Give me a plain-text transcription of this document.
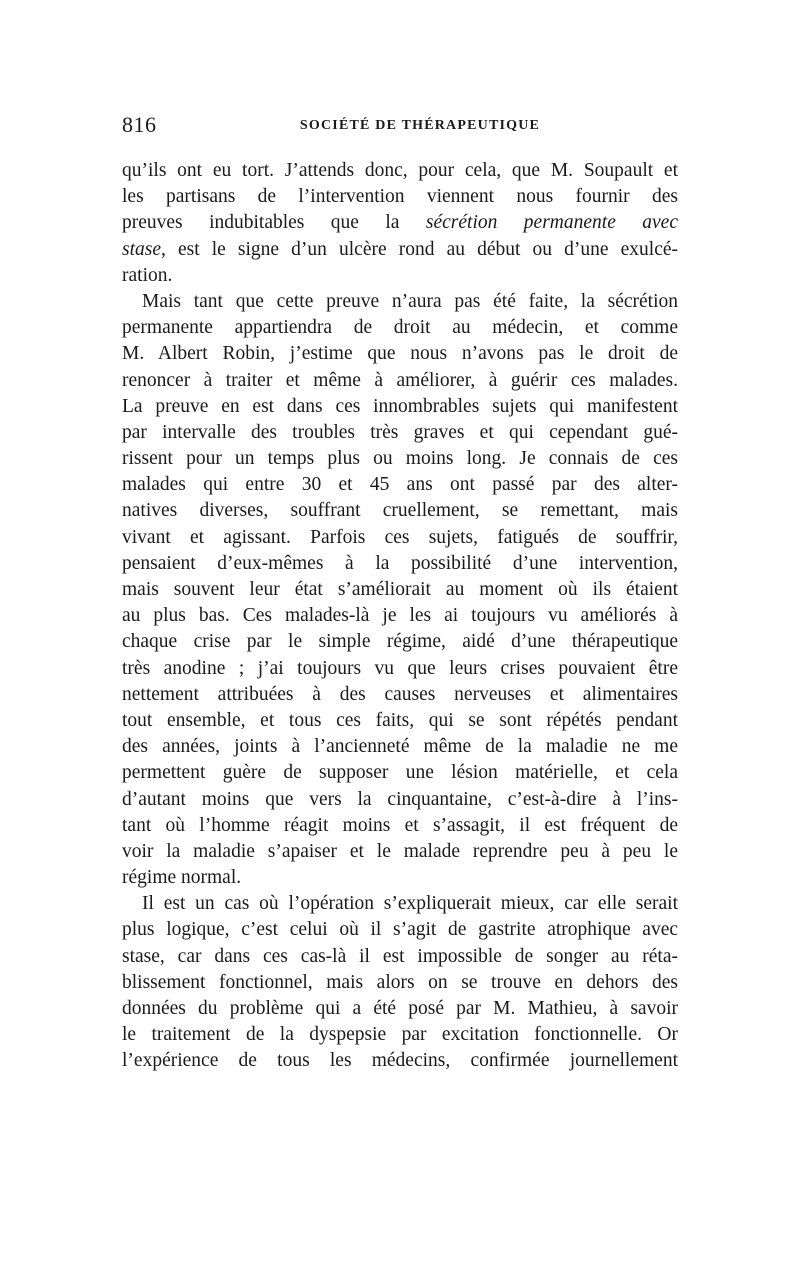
816	SOCIÉTÉ DE THÉRAPEUTIQUE
qu’ils ont eu tort. J’attends donc, pour cela, que M. Soupault et
les partisans de l’intervention viennent nous fournir des
preuves indubitables que la sécrétion permanente avec
stase, est le signe d’un ulcère rond au début ou d’une exulcé-
ration.
Mais tant que cette preuve n’aura pas été faite, la sécrétion
permanente appartiendra de droit au médecin, et comme
M. Albert Robin, j’estime que nous n’avons pas le droit de
renoncer à traiter et même à améliorer, à guérir ces malades.
La preuve en est dans ces innombrables sujets qui manifestent
par intervalle des troubles très graves et qui cependant gué-
rissent pour un temps plus ou moins long. Je connais de ces
malades qui entre 30 et 45 ans ont passé par des alter-
natives diverses, souffrant cruellement, se remettant, mais
vivant et agissant. Parfois ces sujets, fatigués de souffrir,
pensaient d’eux-mêmes à la possibilité d’une intervention,
mais souvent leur état s’améliorait au moment où ils étaient
au plus bas. Ces malades-là je les ai toujours vu améliorés à
chaque crise par le simple régime, aidé d’une thérapeutique
très anodine ; j’ai toujours vu que leurs crises pouvaient être
nettement attribuées à des causes nerveuses et alimentaires
tout ensemble, et tous ces faits, qui se sont répétés pendant
des années, joints à l’ancienneté même de la maladie ne me
permettent guère de supposer une lésion matérielle, et cela
d’autant moins que vers la cinquantaine, c’est-à-dire à l’ins-
tant où l’homme réagit moins et s’assagit, il est fréquent de
voir la maladie s’apaiser et le malade reprendre peu à peu le
régime normal.
Il est un cas où l’opération s’expliquerait mieux, car elle serait
plus logique, c’est celui où il s’agit de gastrite atrophique avec
stase, car dans ces cas-là il est impossible de songer au réta-
blissement fonctionnel, mais alors on se trouve en dehors des
données du problème qui a été posé par M. Mathieu, à savoir
le traitement de la dyspepsie par excitation fonctionnelle. Or
l’expérience de tous les médecins, confirmée journellement
